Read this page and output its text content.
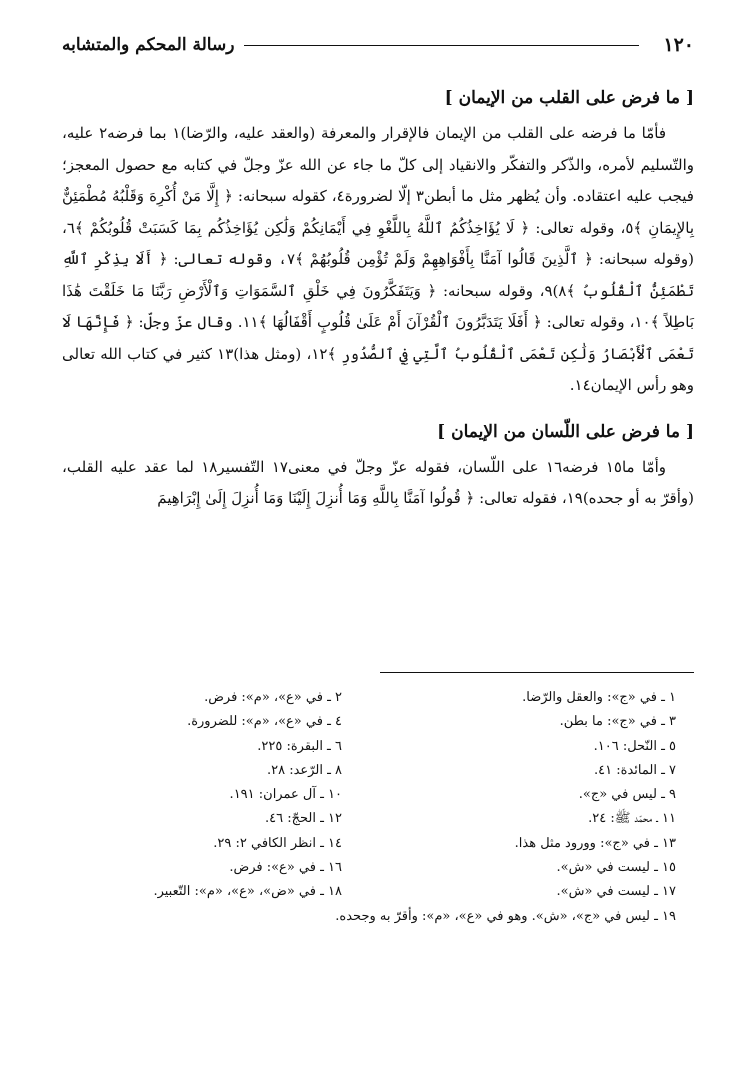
١٢٠
رسالة المحكم والمتشابه
[ ما فرض على القلب من الإيمان ]

فأمّا ما فرضه على القلب من الإيمان فالإقرار والمعرفة (والعقد عليه، والرّضا)١ بما فرضه٢ عليه، والتّسليم لأمره، والذّكر والتفكّر والانقياد إلى كلّ ما جاء عن الله عزّ وجلّ في كتابه مع حصول المعجز؛ فيجب عليه اعتقاده. وأن يُظهر مثل ما أبطن٣ إلّا لضرورة٤، كقوله سبحانه: ﴿ إِلَّا مَنْ أُكْرِهَ وَقَلْبُهُ مُطْمَئِنٌّ بِالإِيمَانِ ﴾٥، وقوله تعالى: ﴿ لَا يُؤَاخِذُكُمُ ٱللَّهُ بِاللَّغْوِ فِي أَيْمَانِكُمْ وَلَٰكِن يُؤَاخِذُكُم بِمَا كَسَبَتْ قُلُوبُكُمْ ﴾٦، (وقوله سبحانه: ﴿ ٱلَّذِينَ قَالُوا آمَنَّا بِأَفْوَاهِهِمْ وَلَمْ تُؤْمِن قُلُوبُهُمْ ﴾٧، وقوله تعالى: ﴿ أَلَا بِذِكْرِ ٱللَّهِ تَطْمَئِنُّ ٱلْقُلُوبُ ﴾٨)٩، وقوله سبحانه: ﴿ وَيَتَفَكَّرُونَ فِي خَلْقِ ٱلسَّمَوَاتِ وَٱلْأَرْضِ رَبَّنَا مَا خَلَقْتَ هَٰذَا بَاطِلاً ﴾١٠، وقوله تعالى: ﴿ أَفَلَا يَتَدَبَّرُونَ ٱلْقُرْآنَ أَمْ عَلَىٰ قُلُوبٍ أَقْفَالُهَا ﴾١١. وقال عزّ وجلّ: ﴿ فَإِنَّهَا لَا تَعْمَى ٱلْأَبْصَارُ وَلَٰكِن تَعْمَى ٱلْقُلُوبُ ٱلَّتِي فِي ٱلصُّدُورِ ﴾١٢، (ومثل هذا)١٣ كثير في كتاب الله تعالى وهو رأس الإيمان١٤.

[ ما فرض على اللّسان من الإيمان ]

وأمّا ما١٥ فرضه١٦ على اللّسان، فقوله عزّ وجلّ في معنى١٧ التّفسير١٨ لما عقد عليه القلب، (وأقرّ به أو جحده)١٩، فقوله تعالى: ﴿ قُولُوا آمَنَّا بِاللَّهِ وَمَا أُنزِلَ إِلَيْنَا وَمَا أُنزِلَ إِلَىٰ إِبْرَاهِيمَ

١ ـ في «ج»: والعقل والرّضا.
٢ ـ في «ع»، «م»: فرض.
٣ ـ في «ج»: ما بطن.
٤ ـ في «ع»، «م»: للضرورة.
٥ ـ النّحل: ١٠٦.
٦ ـ البقرة: ٢٢٥.
٧ ـ المائدة: ٤١.
٨ ـ الرّعد: ٢٨.
٩ ـ ليس في «ج».
١٠ ـ آل عمران: ١٩١.
١١ ـ محمّد ﷺ: ٢٤.
١٢ ـ الحجّ: ٤٦.
١٣ ـ في «ج»: وورود مثل هذا.
١٤ ـ انظر الكافي ٢: ٢٩.
١٥ ـ ليست في «ش».
١٦ ـ في «ع»: فرض.
١٧ ـ ليست في «ش».
١٨ ـ في «ض»، «ع»، «م»: التّعبير.
١٩ ـ ليس في «ج»، «ش». وهو في «ع»، «م»: وأقرّ به وجحده.
